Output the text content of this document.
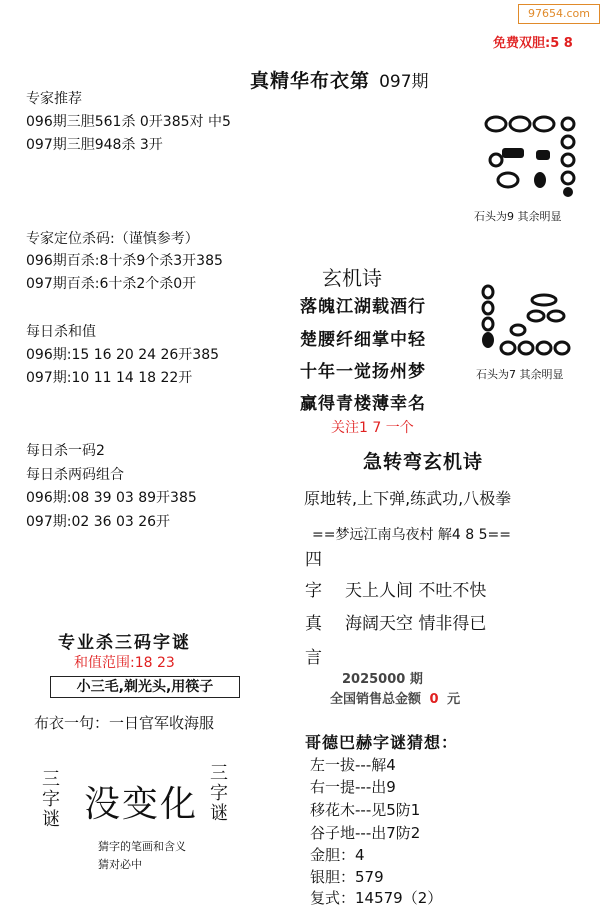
97654.com
免费双胆:5 8
真精华布衣第 097期
专家推荐
096期三胆561杀 0开385对 中5
097期三胆948杀 3开
专家定位杀码:（谨慎参考）
096期百杀:8十杀9个杀3开385
097期百杀:6十杀2个杀0开
每日杀和值
096期:15 16 20 24 26开385
097期:10 11 14 18 22开
每日杀一码2
每日杀两码组合
096期:08 39 03 89开385
097期:02 36 03 26开
专业杀三码字谜
和值范围:18 23
小三毛,剃光头,用筷子
布衣一句：一日官军收海服
三字谜 没变化
三字谜
猜字的笔画和含义
猜对必中
石头为9 其余明显
玄机诗
落魄江湖载酒行
楚腰纤细掌中轻
十年一觉扬州梦
赢得青楼薄幸名
关注1 7 一个
石头为7 其余明显
急转弯玄机诗
原地转,上下弹,练武功,八极拳
==梦远江南乌夜村 解4 8 5==
四
字 天上人间 不吐不快
真 海阔天空 情非得已
言
2025000 期
全国销售总金额 0 元
哥德巴赫字谜猜想：
左一拔---解4
右一提---出9
移花木---见5防1
谷子地---出7防2
金胆：4
银胆：579
复式：14579（2）
